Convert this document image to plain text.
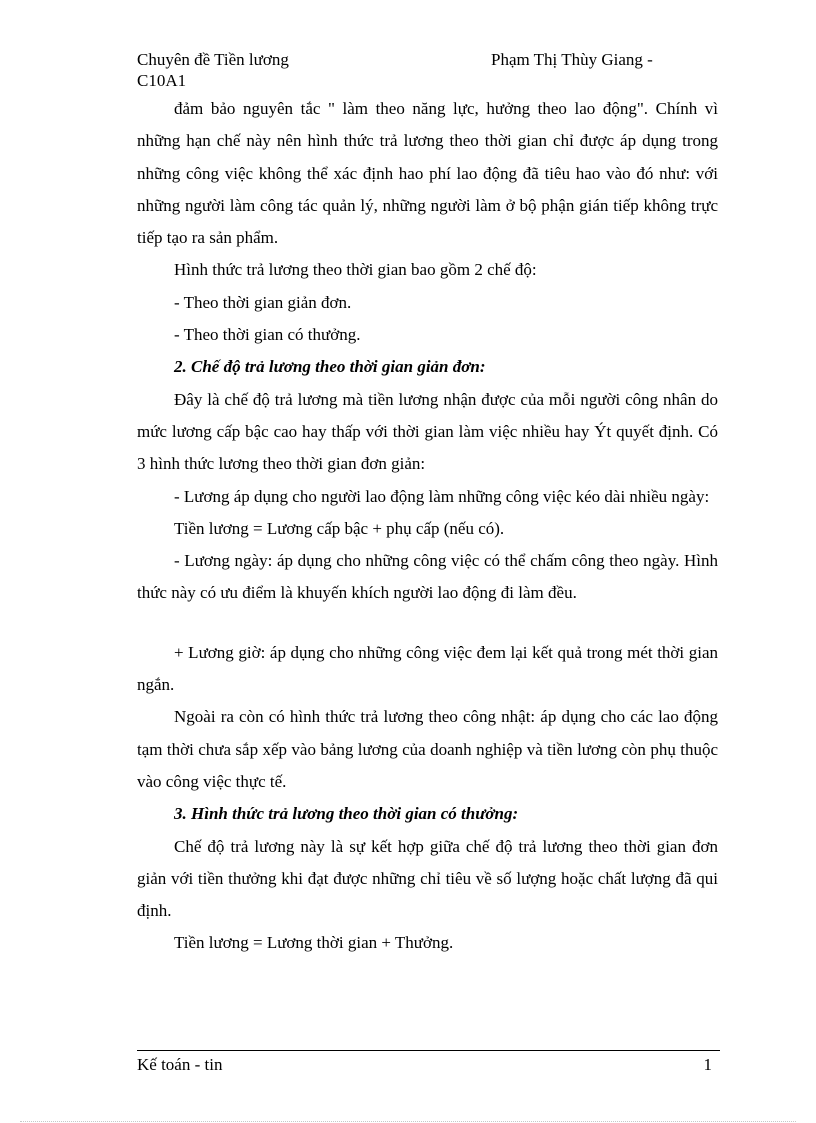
Chuyên đề Tiền lương	Phạm Thị Thùy Giang -
C10A1

đảm bảo nguyên tắc " làm theo năng lực, hưởng theo lao động". Chính vì những hạn chế này nên hình thức trả lương theo thời gian chỉ được áp dụng trong những công việc không thể xác định hao phí lao động đã tiêu hao vào đó như: với những người làm công tác quản lý, những người làm ở bộ phận gián tiếp không trực tiếp tạo ra sản phẩm.

Hình thức trả lương theo thời gian bao gồm 2 chế độ:

- Theo thời gian giản đơn.

- Theo thời gian có thưởng.

2. Chế độ trả lương theo thời gian giản đơn:

Đây là chế độ trả lương mà tiền lương nhận được của mỗi người công nhân do mức lương cấp bậc cao hay thấp với thời gian làm việc nhiều hay Ýt quyết định. Có 3 hình thức lương theo thời gian đơn giản:

- Lương áp dụng cho người lao động làm những công việc kéo dài nhiều ngày:

Tiền lương = Lương cấp bậc + phụ cấp (nếu có).

- Lương ngày: áp dụng cho những công việc có thể chấm công theo ngày. Hình thức này có ưu điểm là khuyến khích người lao động đi làm đều.

+ Lương giờ: áp dụng cho những công việc đem lại kết quả trong mét thời gian ngắn.

Ngoài ra còn có hình thức trả lương theo công nhật: áp dụng cho các lao động tạm thời chưa sắp xếp vào bảng lương của doanh nghiệp và tiền lương còn phụ thuộc vào công việc thực tế.

3. Hình thức trả lương theo thời gian có thưởng:

Chế độ trả lương này là sự kết hợp giữa chế độ trả lương theo thời gian đơn giản với tiền thưởng khi đạt được những chỉ tiêu về số lượng hoặc chất lượng đã qui định.

Tiền lương = Lương thời gian + Thưởng.

Kế toán - tin	1
